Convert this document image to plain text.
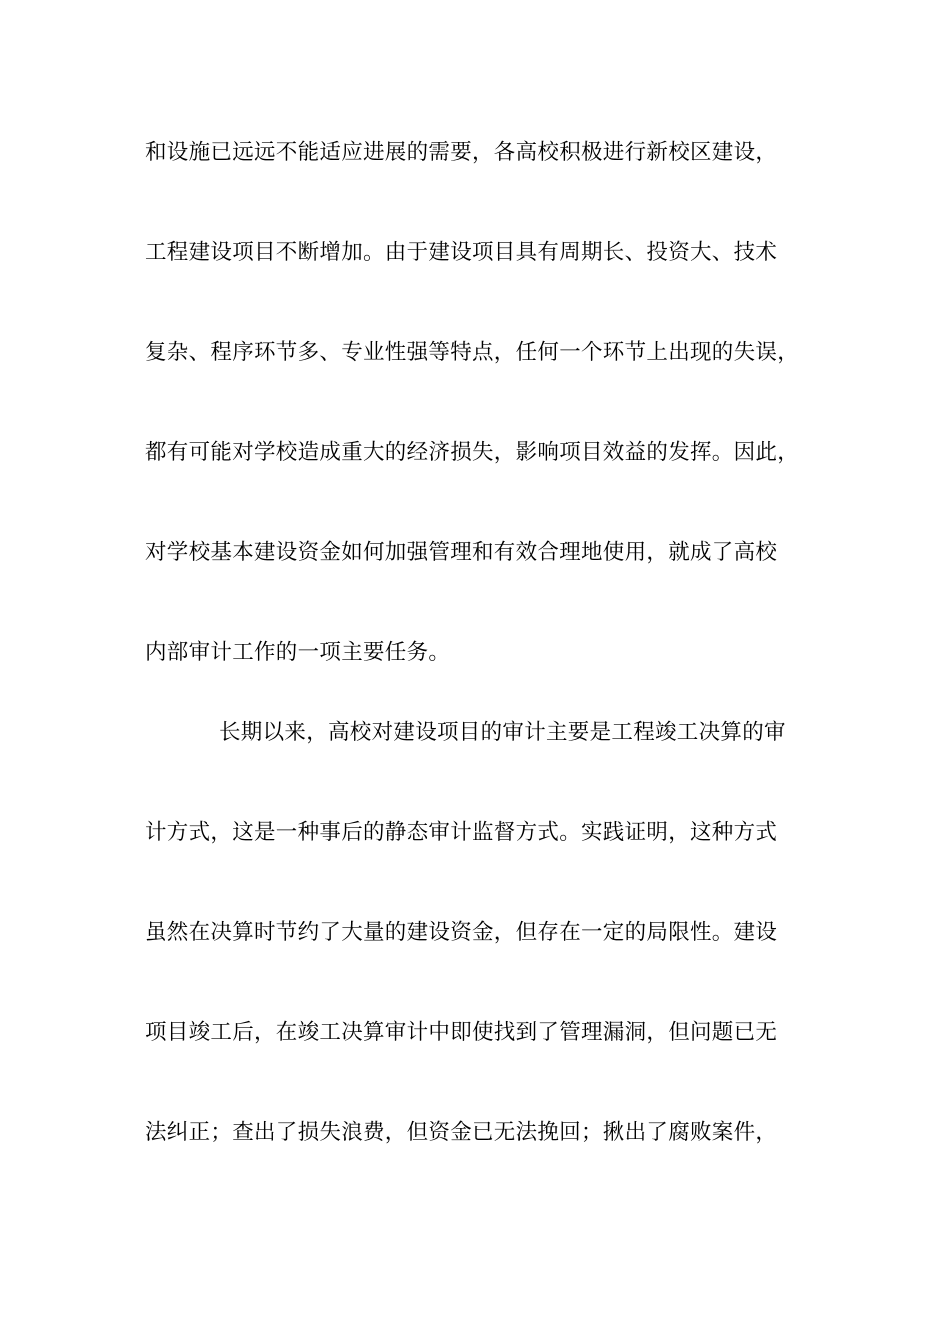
和设施已远远不能适应进展的需要，各高校积极进行新校区建设，
工程建设项目不断增加。由于建设项目具有周期长、投资大、技术
复杂、程序环节多、专业性强等特点，任何一个环节上出现的失误，
都有可能对学校造成重大的经济损失，影响项目效益的发挥。因此，
对学校基本建设资金如何加强管理和有效合理地使用，就成了高校
内部审计工作的一项主要任务。
长期以来，高校对建设项目的审计主要是工程竣工决算的审
计方式，这是一种事后的静态审计监督方式。实践证明，这种方式
虽然在决算时节约了大量的建设资金，但存在一定的局限性。建设
项目竣工后，在竣工决算审计中即使找到了管理漏洞，但问题已无
法纠正；查出了损失浪费，但资金已无法挽回；揪出了腐败案件，
